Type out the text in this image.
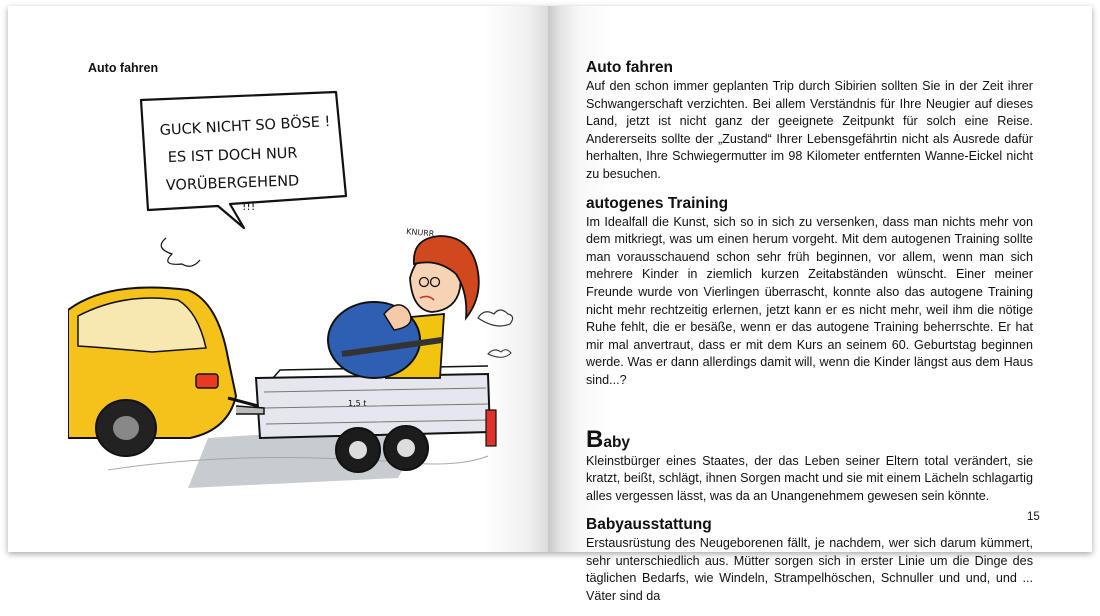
Auto fahren
GUCK NICHT SO BÖSE !
ES IST DOCH NUR
VORÜBERGEHEND
!!!
KNURR
1,5 t
Auto fahren

Auf den schon immer geplanten Trip durch Sibirien sollten Sie in der Zeit ihrer Schwangerschaft verzichten. Bei allem Verständnis für Ihre Neugier auf dieses Land, jetzt ist nicht ganz der geeignete Zeitpunkt für solch eine Reise. Andererseits sollte der „Zustand“ Ihrer Lebensgefährtin nicht als Ausrede dafür herhalten, Ihre Schwiegermutter im 98 Kilometer entfernten Wanne-Eickel nicht zu besuchen.

autogenes Training

Im Idealfall die Kunst, sich so in sich zu versenken, dass man nichts mehr von dem mitkriegt, was um einen herum vorgeht. Mit dem autogenen Training sollte man vorausschauend schon sehr früh beginnen, vor allem, wenn man sich mehrere Kinder in ziemlich kurzen Zeitabständen wünscht. Einer meiner Freunde wurde von Vierlingen überrascht, konnte also das autogene Training nicht mehr rechtzeitig erlernen, jetzt kann er es nicht mehr, weil ihm die nötige Ruhe fehlt, die er besäße, wenn er das autogene Training beherrschte. Er hat mir mal anvertraut, dass er mit dem Kurs an seinem 60. Geburtstag beginnen werde. Was er dann allerdings damit will, wenn die Kinder längst aus dem Haus sind...?

Baby

Kleinstbürger eines Staates, der das Leben seiner Eltern total verändert, sie kratzt, beißt, schlägt, ihnen Sorgen macht und sie mit einem Lächeln schlagartig alles vergessen lässt, was da an Unangenehmem gewesen sein könnte.

Babyausstattung

Erstausrüstung des Neugeborenen fällt, je nachdem, wer sich darum kümmert, sehr unterschiedlich aus. Mütter sorgen sich in erster Linie um die Dinge des täglichen Bedarfs, wie Windeln, Strampelhöschen, Schnuller und und, und ... Väter sind da

15
